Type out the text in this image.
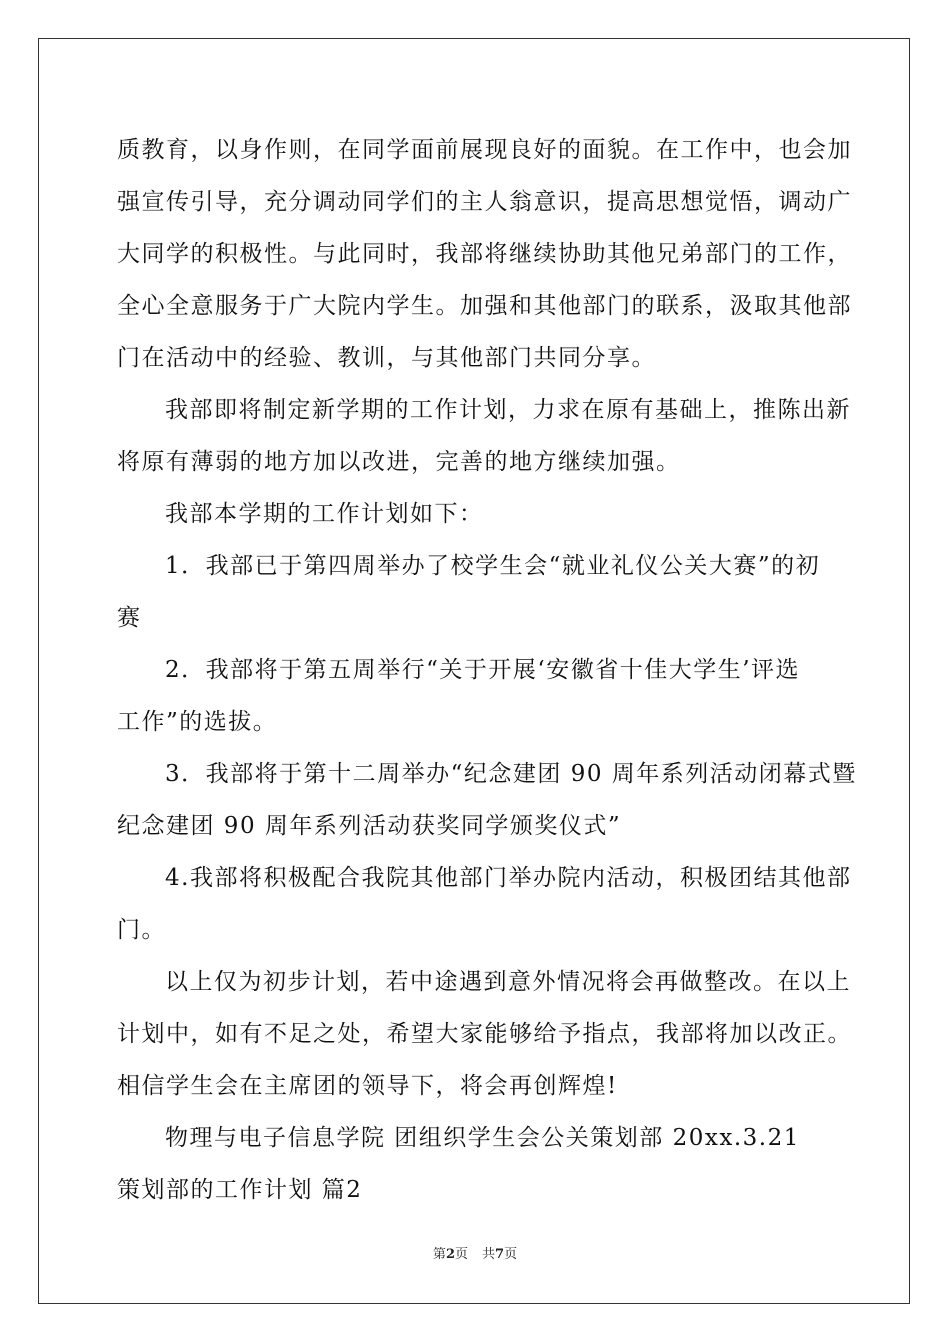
质教育，以身作则，在同学面前展现良好的面貌。在工作中，也会加
强宣传引导，充分调动同学们的主人翁意识，提高思想觉悟，调动广
大同学的积极性。与此同时，我部将继续协助其他兄弟部门的工作，
全心全意服务于广大院内学生。加强和其他部门的联系，汲取其他部
门在活动中的经验、教训，与其他部门共同分享。

我部即将制定新学期的工作计划，力求在原有基础上，推陈出新
将原有薄弱的地方加以改进，完善的地方继续加强。

我部本学期的工作计划如下：

1．我部已于第四周举办了校学生会“就业礼仪公关大赛”的初
赛

2．我部将于第五周举行“关于开展‘安徽省十佳大学生’评选
工作”的选拔。

3．我部将于第十二周举办“纪念建团 90 周年系列活动闭幕式暨
纪念建团 90 周年系列活动获奖同学颁奖仪式”

4.我部将积极配合我院其他部门举办院内活动，积极团结其他部
门。

以上仅为初步计划，若中途遇到意外情况将会再做整改。在以上
计划中，如有不足之处，希望大家能够给予指点，我部将加以改正。
相信学生会在主席团的领导下，将会再创辉煌!

物理与电子信息学院 团组织学生会公关策划部 20xx.3.21

策划部的工作计划 篇2

第2页 共7页
